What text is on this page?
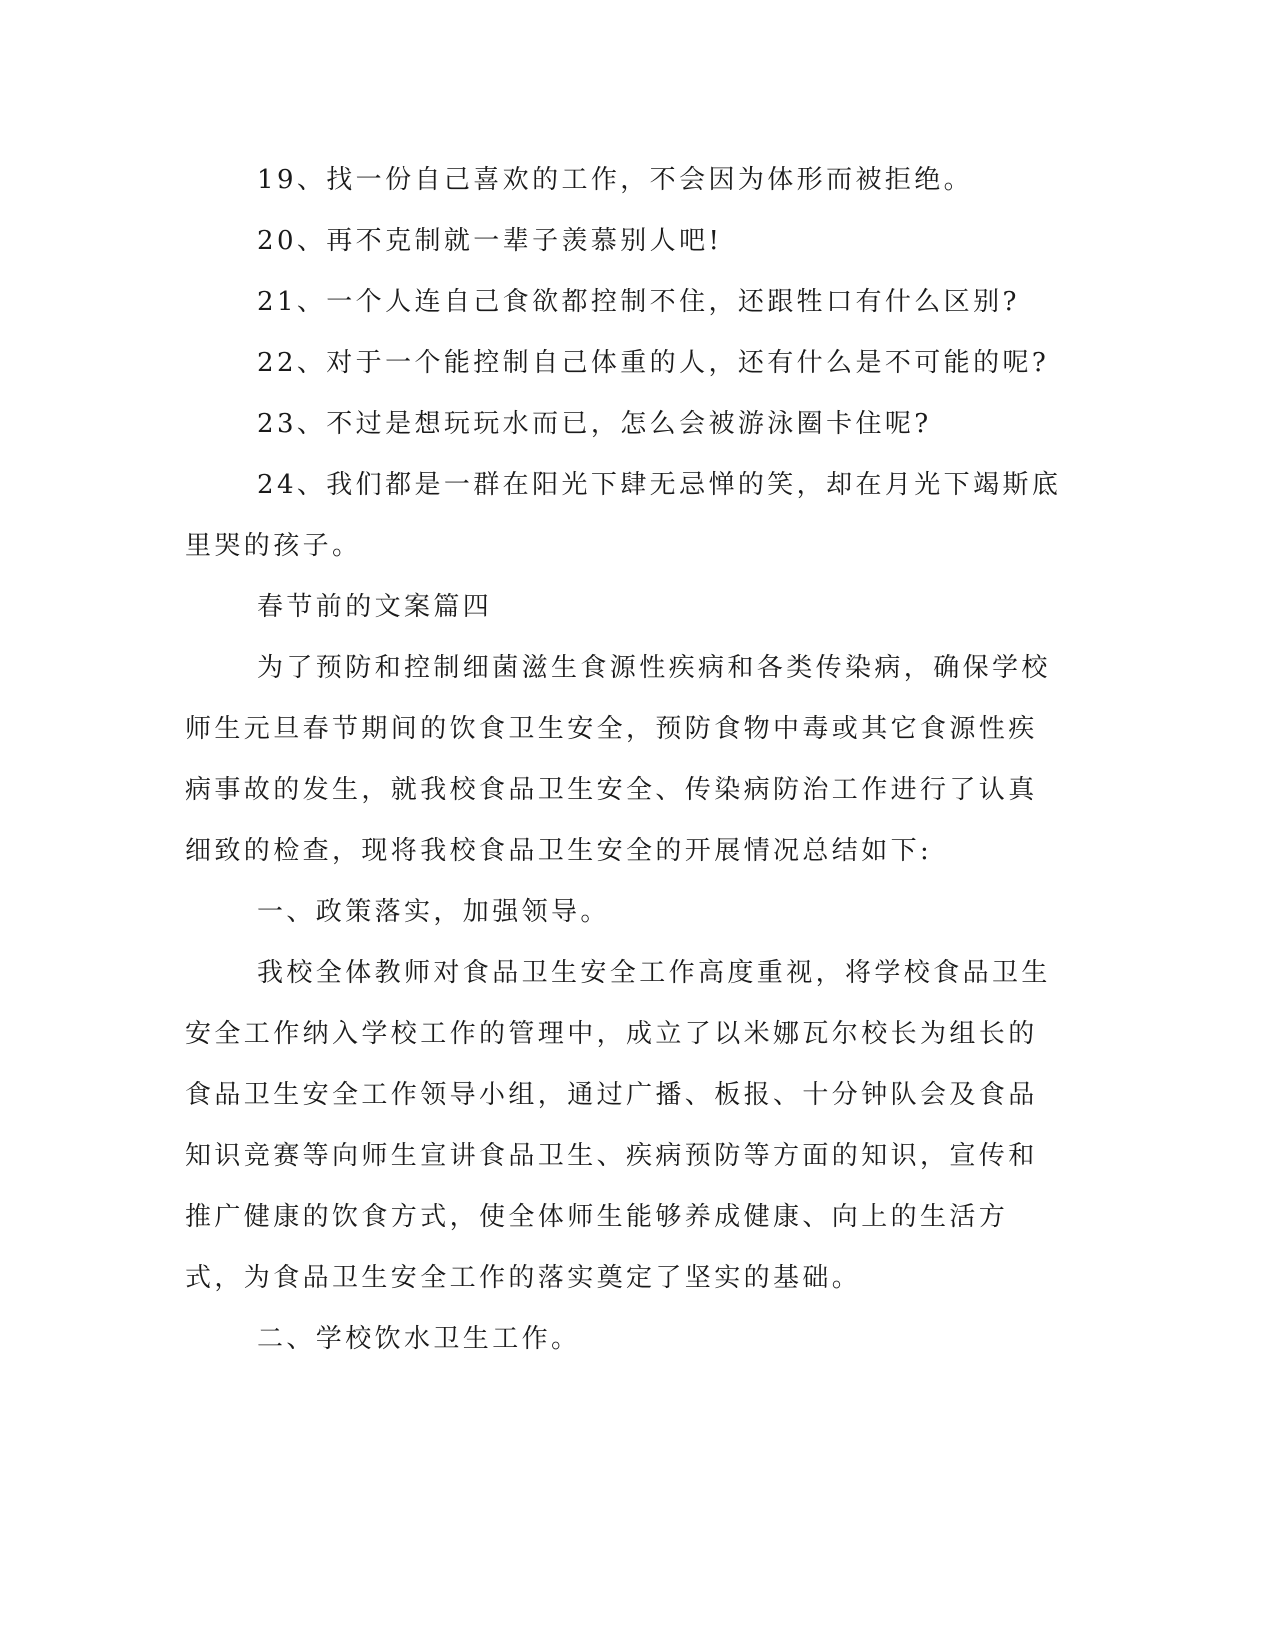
19、找一份自己喜欢的工作，不会因为体形而被拒绝。

20、再不克制就一辈子羡慕别人吧!

21、一个人连自己食欲都控制不住，还跟牲口有什么区别?

22、对于一个能控制自己体重的人，还有什么是不可能的呢?

23、不过是想玩玩水而已，怎么会被游泳圈卡住呢?

24、我们都是一群在阳光下肆无忌惮的笑，却在月光下竭斯底里哭的孩子。

春节前的文案篇四

为了预防和控制细菌滋生食源性疾病和各类传染病，确保学校师生元旦春节期间的饮食卫生安全，预防食物中毒或其它食源性疾病事故的发生，就我校食品卫生安全、传染病防治工作进行了认真细致的检查，现将我校食品卫生安全的开展情况总结如下:

一、政策落实，加强领导。

我校全体教师对食品卫生安全工作高度重视，将学校食品卫生安全工作纳入学校工作的管理中，成立了以米娜瓦尔校长为组长的食品卫生安全工作领导小组，通过广播、板报、十分钟队会及食品知识竞赛等向师生宣讲食品卫生、疾病预防等方面的知识，宣传和推广健康的饮食方式，使全体师生能够养成健康、向上的生活方式，为食品卫生安全工作的落实奠定了坚实的基础。

二、学校饮水卫生工作。
